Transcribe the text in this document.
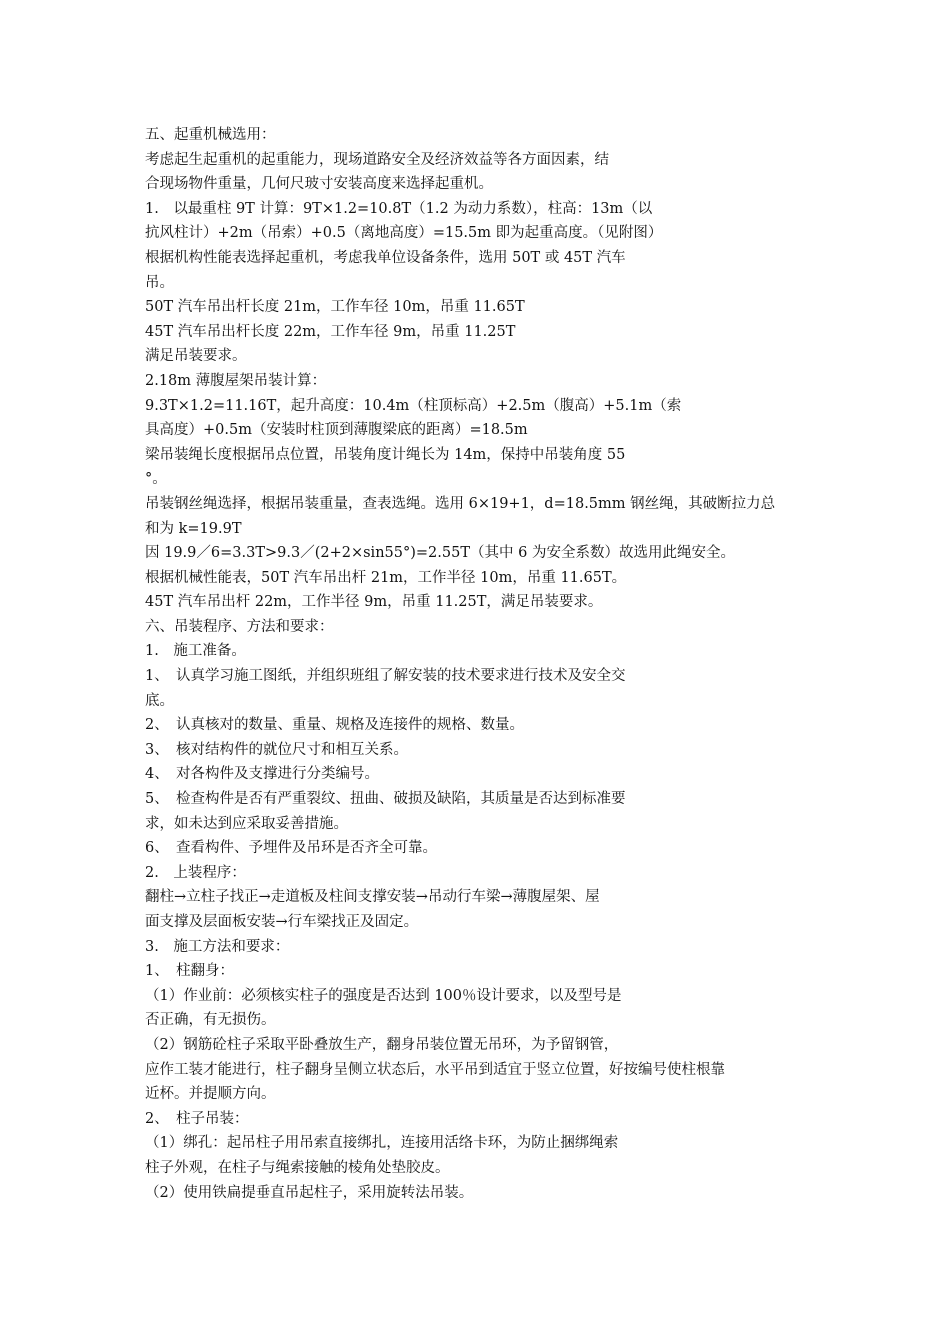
五、起重机械选用：
考虑起生起重机的起重能力，现场道路安全及经济效益等各方面因素，结
合现场物件重量，几何尺玻寸安装高度来选择起重机。
1.　以最重柱 9T 计算：9T×1.2=10.8T（1.2 为动力系数），柱高：13m（以
抗风柱计）+2m（吊索）+0.5（离地高度）=15.5m 即为起重高度。（见附图）
根据机构性能表选择起重机，考虑我单位设备条件，选用 50T 或 45T 汽车
吊。
50T 汽车吊出杆长度 21m，工作车径 10m，吊重 11.65T
45T 汽车吊出杆长度 22m，工作车径 9m，吊重 11.25T
满足吊装要求。
2.18m 薄腹屋架吊装计算：
9.3T×1.2=11.16T，起升高度：10.4m（柱顶标高）+2.5m（腹高）+5.1m（索
具高度）+0.5m（安装时柱顶到薄腹梁底的距离）=18.5m
梁吊装绳长度根据吊点位置，吊装角度计绳长为 14m，保持中吊装角度 55
°。
吊装钢丝绳选择，根据吊装重量，查表选绳。选用 6×19+1，d=18.5mm 钢丝绳，其破断拉力总
和为 k=19.9T
因 19.9／6=3.3T>9.3／(2+2×sin55°)=2.55T（其中 6 为安全系数）故选用此绳安全。
根据机械性能表，50T 汽车吊出杆 21m，工作半径 10m，吊重 11.65T。
45T 汽车吊出杆 22m，工作半径 9m，吊重 11.25T，满足吊装要求。
六、吊装程序、方法和要求：
1.　施工准备。
1、　认真学习施工图纸，并组织班组了解安装的技术要求进行技术及安全交
底。
2、　认真核对的数量、重量、规格及连接件的规格、数量。
3、　核对结构件的就位尺寸和相互关系。
4、　对各构件及支撑进行分类编号。
5、　检查构件是否有严重裂纹、扭曲、破损及缺陷，其质量是否达到标准要
求，如未达到应采取妥善措施。
6、　查看构件、予埋件及吊环是否齐全可靠。
2.　上装程序：
翻柱→立柱子找正→走道板及柱间支撑安装→吊动行车梁→薄腹屋架、屋
面支撑及层面板安装→行车梁找正及固定。
3.　施工方法和要求：
1、　柱翻身：
（1）作业前：必须核实柱子的强度是否达到 100％设计要求，以及型号是
否正确，有无损伤。
（2）钢筋砼柱子采取平卧叠放生产，翻身吊装位置无吊环，为予留钢管，
应作工装才能进行，柱子翻身呈侧立状态后，水平吊到适宜于竖立位置，好按编号使柱根靠
近杯。并提顺方向。
2、　柱子吊装：
（1）绑孔：起吊柱子用吊索直接绑扎，连接用活络卡环，为防止捆绑绳索
柱子外观，在柱子与绳索接触的棱角处垫胶皮。
（2）使用铁扁提垂直吊起柱子，采用旋转法吊装。
